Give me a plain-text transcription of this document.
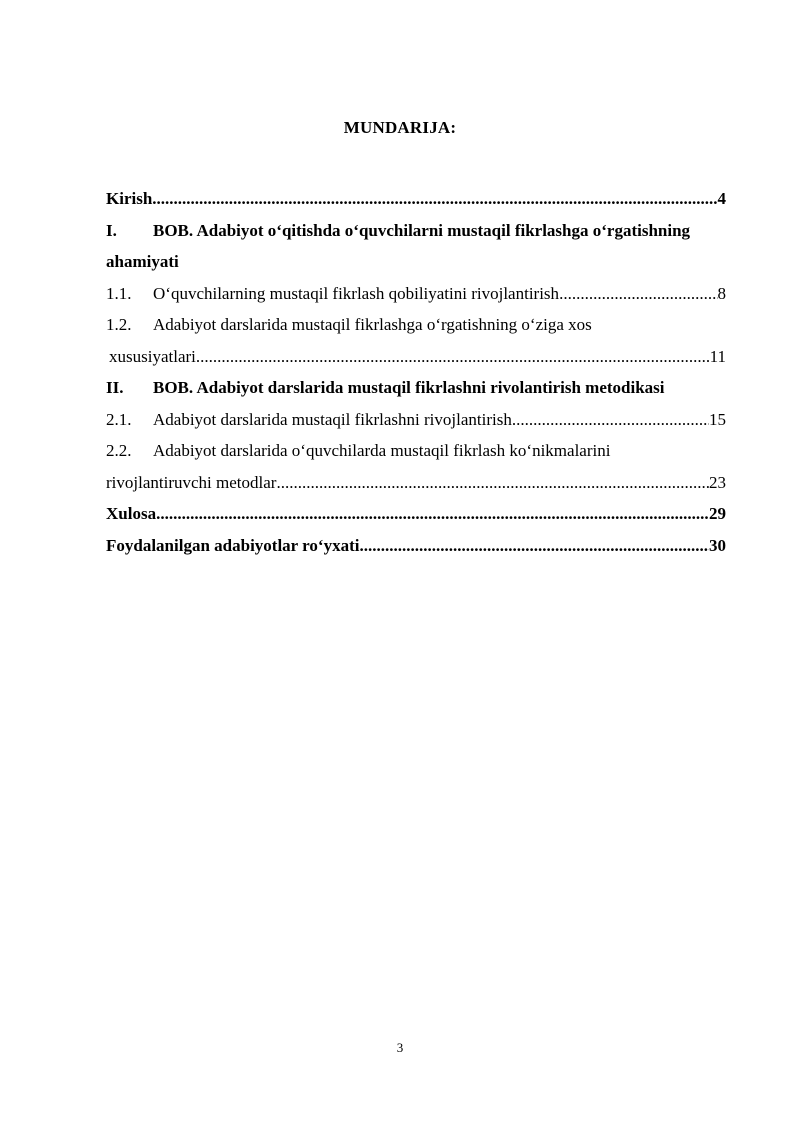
MUNDARIJA:
Kirish .....	4
I.	BOB. Adabiyot o‘qitishda o‘quvchilarni mustaqil fikrlashga o‘rgatishning
ahamiyati
1.1.	O‘quvchilarning mustaqil fikrlash qobiliyatini rivojlantirish .....	8
1.2.	Adabiyot darslarida mustaqil fikrlashga o‘rgatishning o‘ziga xos
xususiyatlari .....	11
II.	BOB. Adabiyot darslarida mustaqil fikrlashni rivolantirish metodikasi
2.1.	Adabiyot darslarida mustaqil fikrlashni rivojlantirish .....	15
2.2.	Adabiyot darslarida o‘quvchilarda mustaqil fikrlash ko‘nikmalarini
rivojlantiruvchi metodlar .....	23
Xulosa .....	29
Foydalanilgan adabiyotlar ro‘yxati .....	30
3
